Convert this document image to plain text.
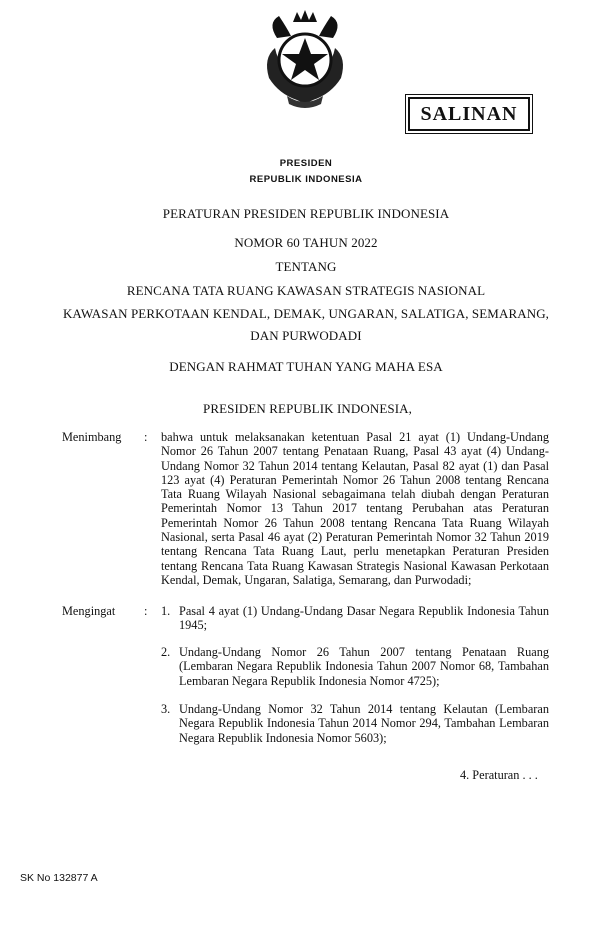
SALINAN
PRESIDEN
REPUBLIK INDONESIA
PERATURAN PRESIDEN REPUBLIK INDONESIA
NOMOR 60 TAHUN 2022
TENTANG
RENCANA TATA RUANG KAWASAN STRATEGIS NASIONAL
KAWASAN PERKOTAAN KENDAL, DEMAK, UNGARAN, SALATIGA, SEMARANG,
DAN PURWODADI
DENGAN RAHMAT TUHAN YANG MAHA ESA
PRESIDEN REPUBLIK INDONESIA,
Menimbang : bahwa untuk melaksanakan ketentuan Pasal 21 ayat (1) Undang-Undang Nomor 26 Tahun 2007 tentang Penataan Ruang, Pasal 43 ayat (4) Undang-Undang Nomor 32 Tahun 2014 tentang Kelautan, Pasal 82 ayat (1) dan Pasal 123 ayat (4) Peraturan Pemerintah Nomor 26 Tahun 2008 tentang Rencana Tata Ruang Wilayah Nasional sebagaimana telah diubah dengan Peraturan Pemerintah Nomor 13 Tahun 2017 tentang Perubahan atas Peraturan Pemerintah Nomor 26 Tahun 2008 tentang Rencana Tata Ruang Wilayah Nasional, serta Pasal 46 ayat (2) Peraturan Pemerintah Nomor 32 Tahun 2019 tentang Rencana Tata Ruang Laut, perlu menetapkan Peraturan Presiden tentang Rencana Tata Ruang Kawasan Strategis Nasional Kawasan Perkotaan Kendal, Demak, Ungaran, Salatiga, Semarang, dan Purwodadi;
Mengingat : 1. Pasal 4 ayat (1) Undang-Undang Dasar Negara Republik Indonesia Tahun 1945;
2. Undang-Undang Nomor 26 Tahun 2007 tentang Penataan Ruang (Lembaran Negara Republik Indonesia Tahun 2007 Nomor 68, Tambahan Lembaran Negara Republik Indonesia Nomor 4725);
3. Undang-Undang Nomor 32 Tahun 2014 tentang Kelautan (Lembaran Negara Republik Indonesia Tahun 2014 Nomor 294, Tambahan Lembaran Negara Republik Indonesia Nomor 5603);
4. Peraturan . . .
SK No 132877 A
